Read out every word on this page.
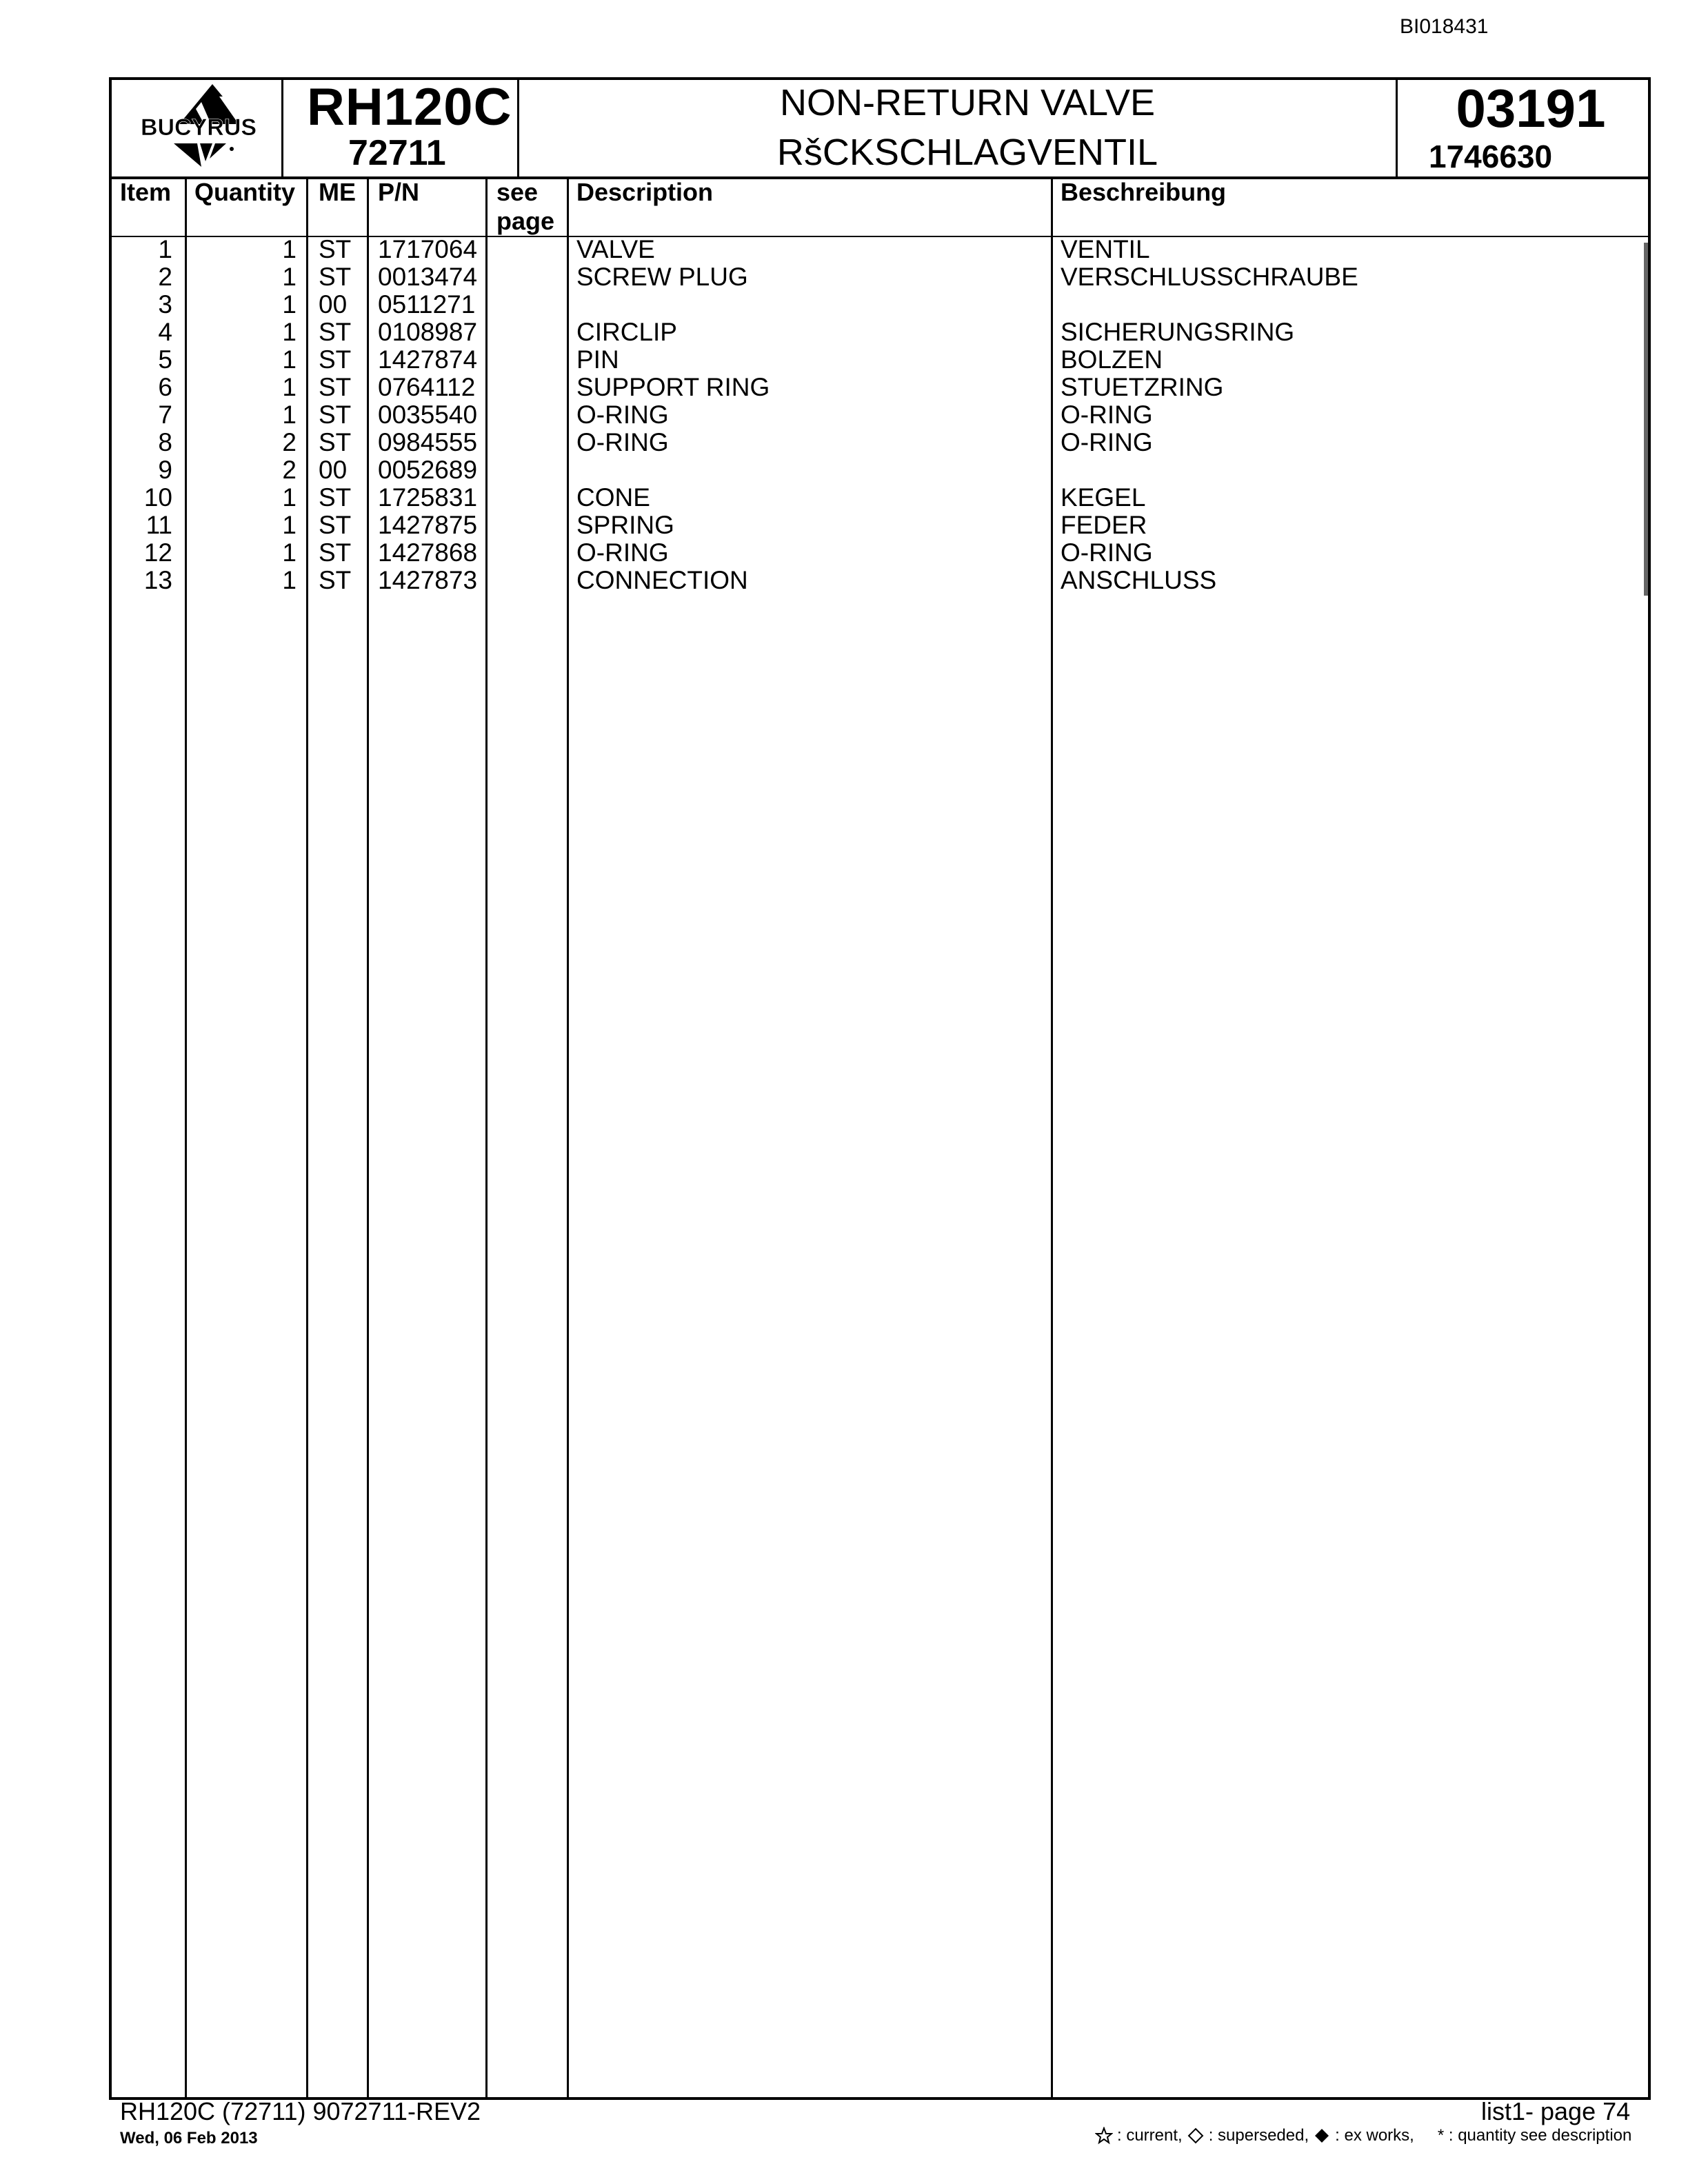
BI018431
BUCYRUS RH120C
72711
NON-RETURN VALVE
RšCKSCHLAGVENTIL
03191
1746630
Item Quantity ME P/N	see
page
Description	Beschreibung
1	1 ST	1717064	VALVE	VENTIL
2	1 ST	0013474	SCREW PLUG	VERSCHLUSSCHRAUBE
3	1 00	0511271
4	1 ST	0108987	CIRCLIP	SICHERUNGSRING
5	1 ST	1427874	PIN	BOLZEN
6	1 ST	0764112	SUPPORT RING	STUETZRING
7	1 ST	0035540	O-RING	O-RING
8	2 ST	0984555	O-RING	O-RING
9	2 00	0052689
10	1 ST	1725831	CONE	KEGEL
11	1 ST	1427875	SPRING	FEDER
12	1 ST	1427868	O-RING	O-RING
13	1 ST	1427873	CONNECTION	ANSCHLUSS
RH120C (72711) 9072711-REV2
Wed, 06 Feb 2013
list1- page 74
: current, : superseded, : ex works, * : quantity see description
